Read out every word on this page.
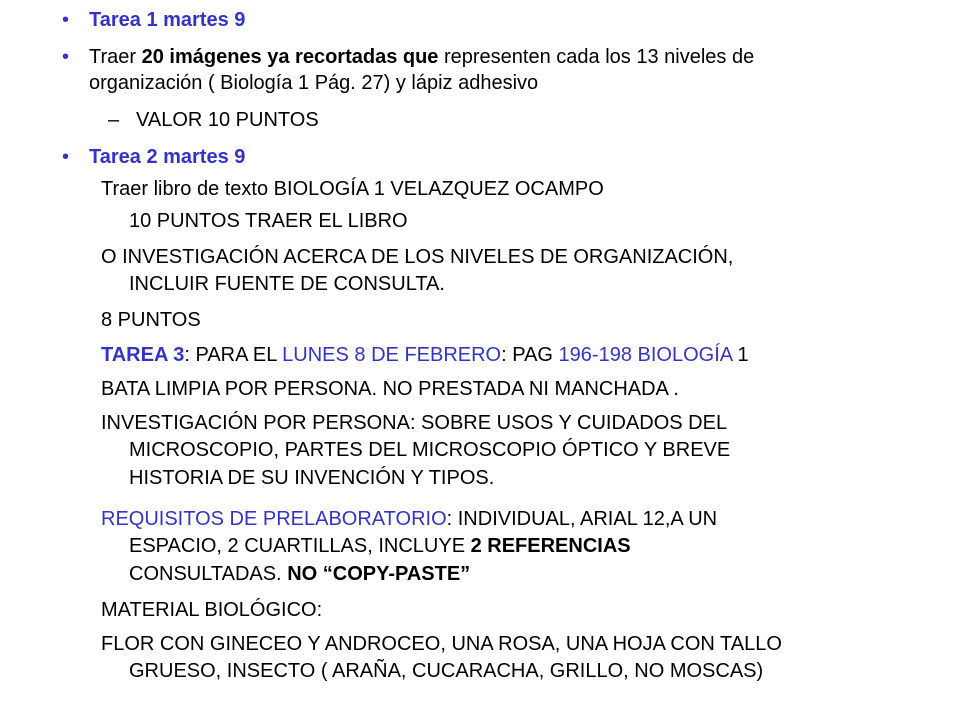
• Tarea 1 martes 9
• Traer 20 imágenes ya recortadas que representen cada los 13 niveles de
organización ( Biología 1 Pág. 27) y lápiz adhesivo
– VALOR 10 PUNTOS
• Tarea 2 martes 9
Traer libro de texto BIOLOGÍA 1 VELAZQUEZ OCAMPO
10 PUNTOS TRAER EL LIBRO
O INVESTIGACIÓN ACERCA DE LOS NIVELES DE ORGANIZACIÓN,
INCLUIR FUENTE DE CONSULTA.
8 PUNTOS
TAREA 3: PARA EL LUNES 8 DE FEBRERO: PAG 196-198 BIOLOGÍA 1
BATA LIMPIA POR PERSONA. NO PRESTADA NI MANCHADA .
INVESTIGACIÓN POR PERSONA: SOBRE USOS Y CUIDADOS DEL
MICROSCOPIO, PARTES DEL MICROSCOPIO ÓPTICO Y BREVE
HISTORIA DE SU INVENCIÓN Y TIPOS.
REQUISITOS DE PRELABORATORIO: INDIVIDUAL, ARIAL 12,A UN
ESPACIO, 2 CUARTILLAS, INCLUYE 2 REFERENCIAS
CONSULTADAS. NO “COPY-PASTE”
MATERIAL BIOLÓGICO:
FLOR CON GINECEO Y ANDROCEO, UNA ROSA, UNA HOJA CON TALLO
GRUESO, INSECTO ( ARAÑA, CUCARACHA, GRILLO, NO MOSCAS)
